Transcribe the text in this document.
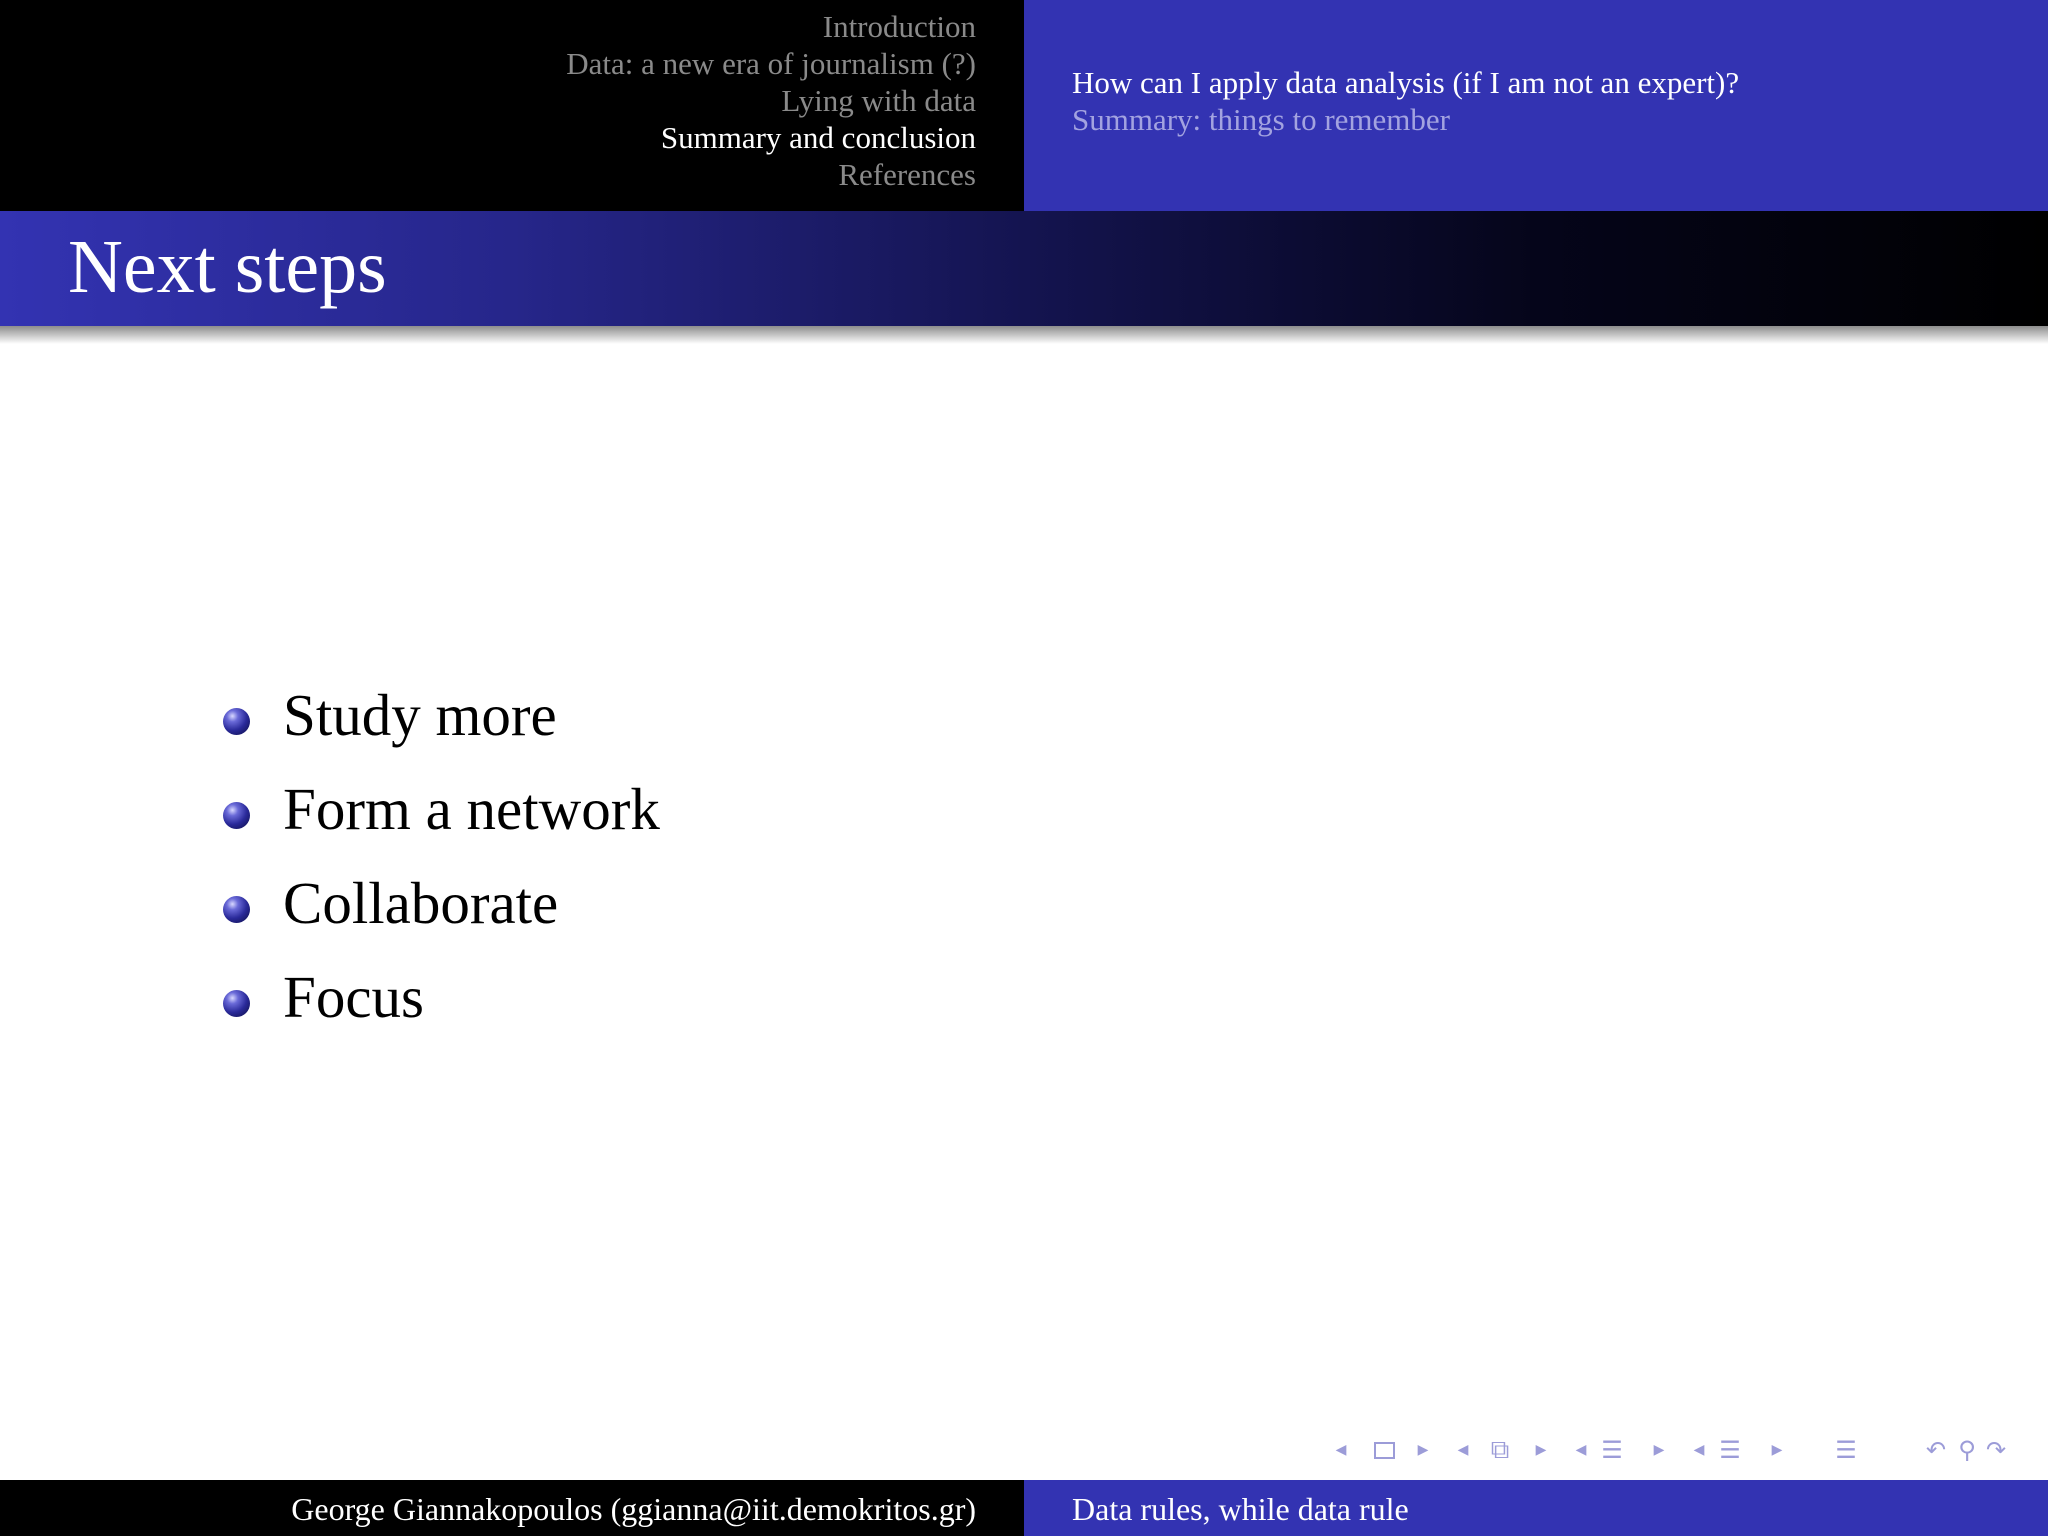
Introduction
Data: a new era of journalism (?)
Lying with data
Summary and conclusion
References
How can I apply data analysis (if I am not an expert)?
Summary: things to remember
Next steps
Study more
Form a network
Collaborate
Focus
◀	▶ ◀ ⧉	▶ ◀ ☰ ▶ ◀ ☰ ▶ ☰	↶ ⚲ ↷
George Giannakopoulos (ggianna@iit.demokritos.gr)	Data rules, while data rule
